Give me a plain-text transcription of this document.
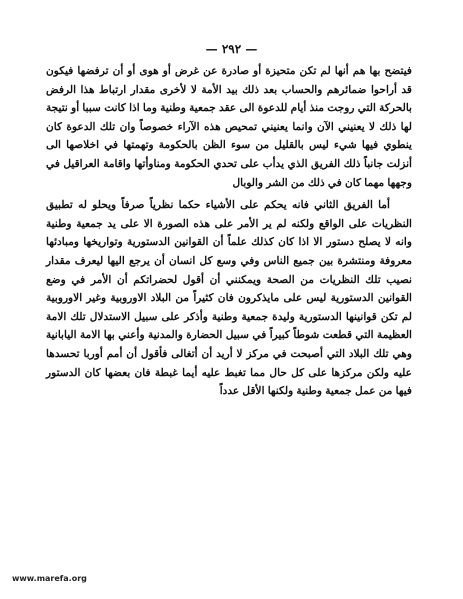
— ٢٩٢ —

فيتضح بها هم أنها لم تكن متحيزة أو صادرة عن غرض أو هوى أو أن ترفضها فيكون قد أراحوا ضمائرهم والحساب بعد ذلك بيد الأمة لا لأخرى مقدار ارتباط هذا الرفض بالحركة التي روجت منذ أيام للدعوة الى عقد جمعية وطنية وما اذا كانت سببا أو نتيجة لها ذلك لا يعنيني الآن وانما يعنيني تمحيص هذه الآراء خصوصاً وان تلك الدعوة كان ينطوي فيها شيء ليس بالقليل من سوء الظن بالحكومة وتهمتها في اخلاصها الى أنزلت جانباً ذلك الفريق الذي يدأب على تحدي الحكومة ومناوأتها واقامة العراقيل في وجهها مهما كان في ذلك من الشر والوبال

أما الفريق الثاني فانه يحكم على الأشياء حكما نظرياً صرفاً ويحلو له تطبيق النظريات على الواقع ولكنه لم ير الأمر على هذه الصورة الا على يد جمعية وطنية وانه لا يصلح دستور الا اذا كان كذلك علماً أن القوانين الدستورية وتواريخها ومبادئها معروفة ومنتشرة بين جميع الناس وفي وسع كل انسان أن يرجع اليها ليعرف مقدار نصيب تلك النظريات من الصحة ويمكنني أن أقول لحضراتكم أن الأمر في وضع القوانين الدستورية ليس على مايذكرون فان كثيراً من البلاد الاوروبية وغير الاوروبية لم تكن قوانينها الدستورية وليدة جمعية وطنية وأذكر على سبيل الاستدلال تلك الامة العظيمة التي قطعت شوطاً كبيراً في سبيل الحضارة والمدنية وأعني بها الامة اليابانية وهي تلك البلاد التي أصبحت في مركز لا أريد أن أتغالى فأقول أن أمم أوربا تحسدها عليه ولكن مركزها على كل حال مما تغبط عليه أيما غبطة فان بعضها كان الدستور فيها من عمل جمعية وطنية ولكنها الأقل عدداً

www.marefa.org
